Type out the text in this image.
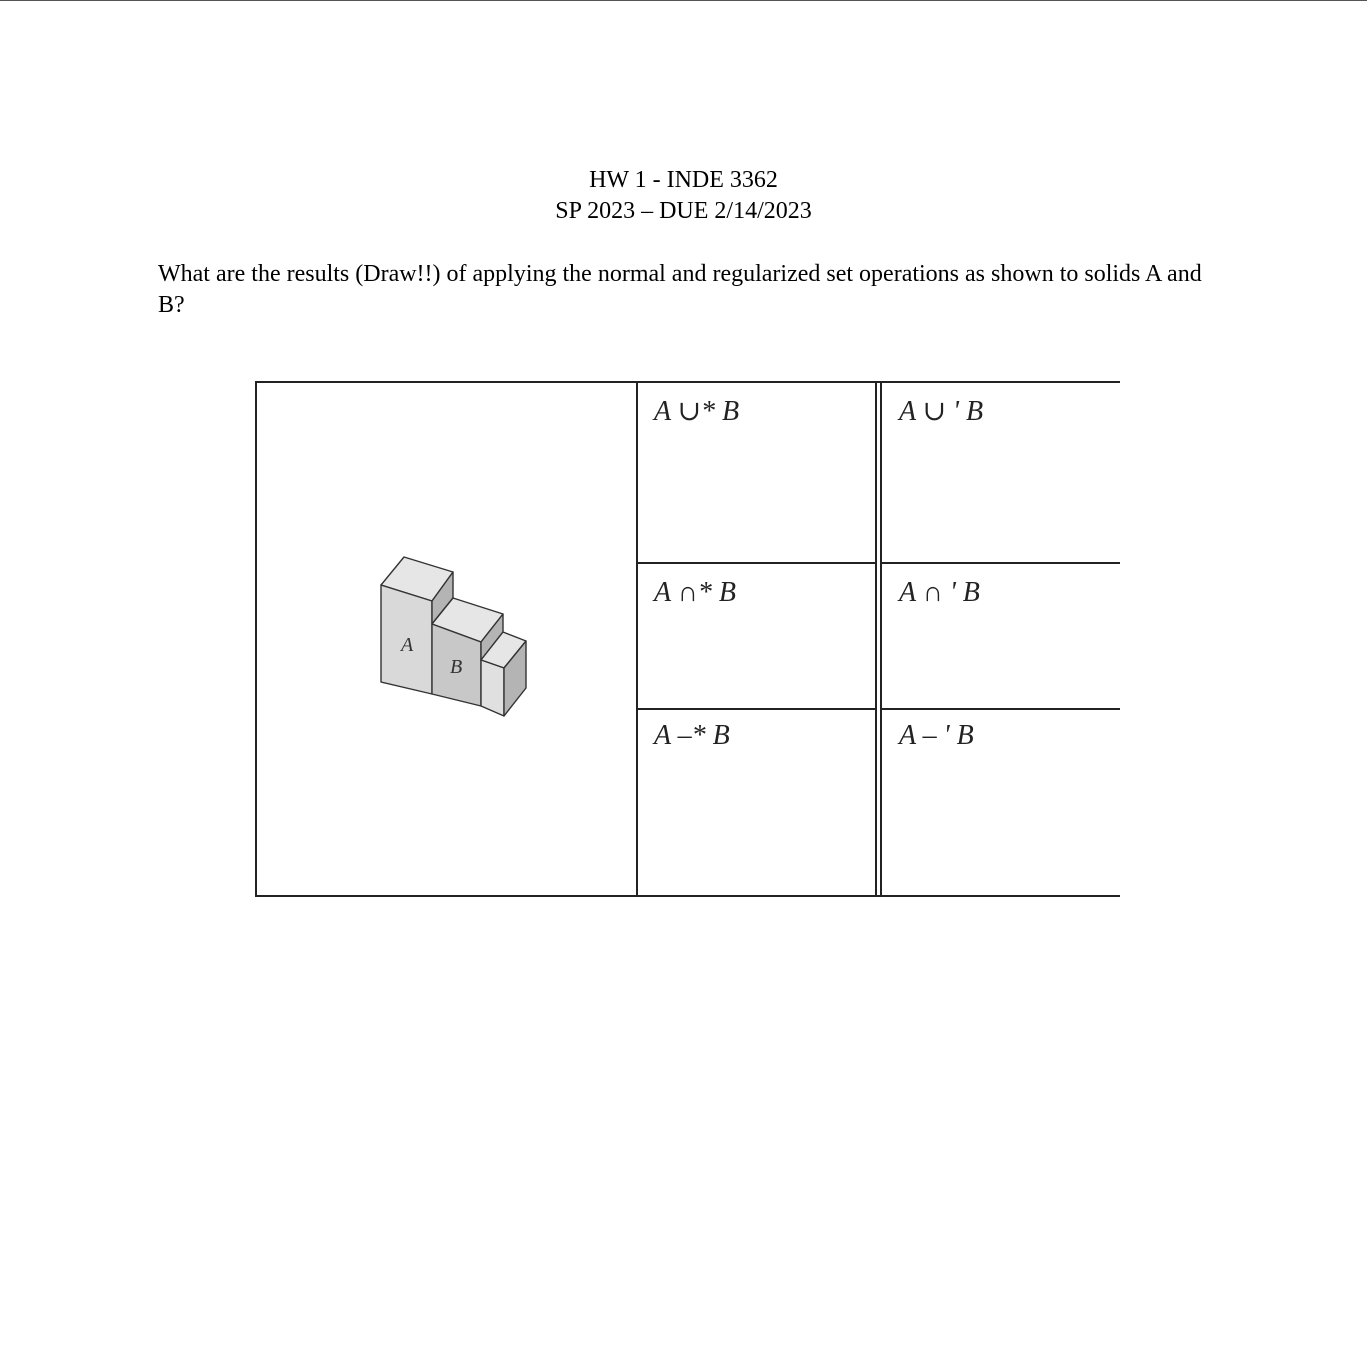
HW 1 - INDE 3362
SP 2023 – DUE 2/14/2023

What are the results (Draw!!) of applying the normal and regularized set operations as shown to solids A and B?

A ∪* B	A ∪ ' B
A ∩* B	A ∩ ' B
A –* B	A – ' B
A
B
